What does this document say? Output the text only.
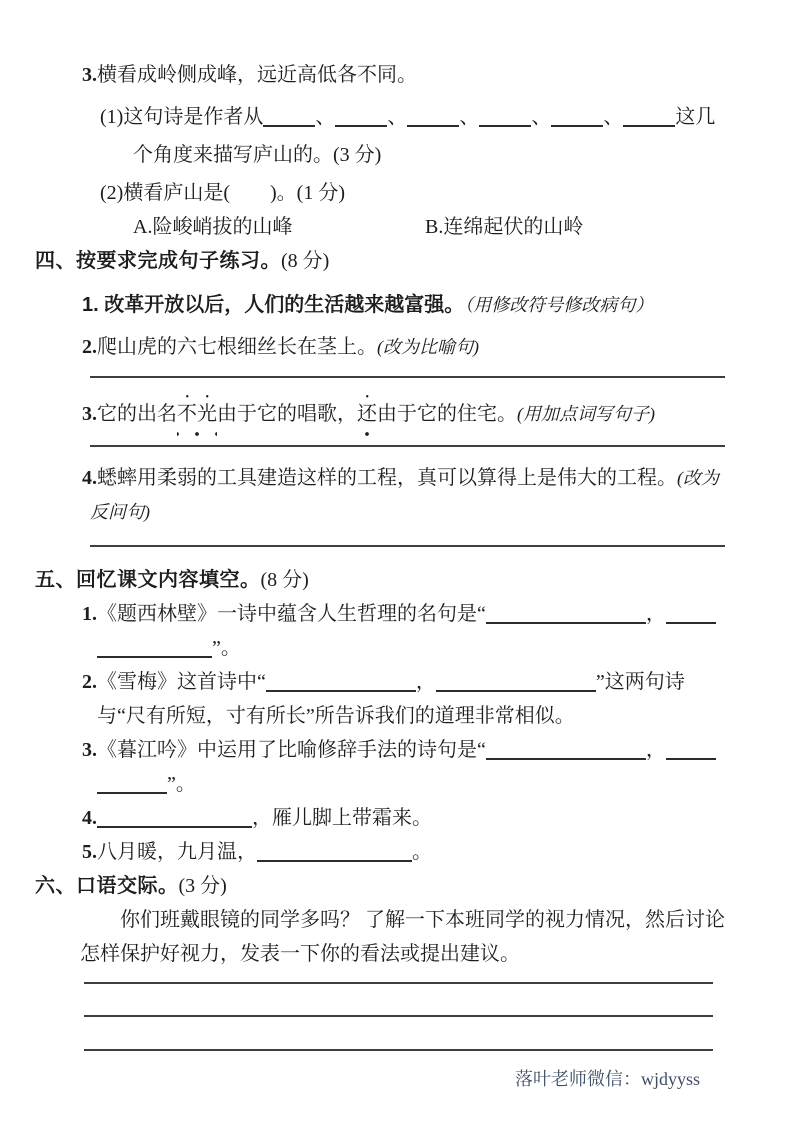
3.横看成岭侧成峰，远近高低各不同。
(1)这句诗是作者从	、	、	、	、	、	这几
个角度来描写庐山的。(3 分)
(2)横看庐山是(　　)。(1 分)
A.险峻峭拔的山峰	B.连绵起伏的山岭
四、按要求完成句子练习。(8 分)
1. 改革开放以后，人们的生活越来越富强。（用修改符号修改病句）
2.爬山虎的六七根细丝长在茎上。(改为比喻句)
3.它的出名不光由于它的唱歌，还由于它的住宅。(用加点词写句子)
4.蟋蟀用柔弱的工具建造这样的工程，真可以算得上是伟大的工程。(改为反问句)
五、回忆课文内容填空。(8 分)
1.《题西林壁》一诗中蕴含人生哲理的名句是“	，
”。
2.《雪梅》这首诗中“	，	”这两句诗
与“尺有所短，寸有所长”所告诉我们的道理非常相似。
3.《暮江吟》中运用了比喻修辞手法的诗句是“	，
”。
4.	，雁儿脚上带霜来。
5.八月暖，九月温，	。
六、口语交际。(3 分)
你们班戴眼镜的同学多吗？ 了解一下本班同学的视力情况，然后讨论怎样保护好视力，发表一下你的看法或提出建议。
落叶老师微信：wjdyyss
